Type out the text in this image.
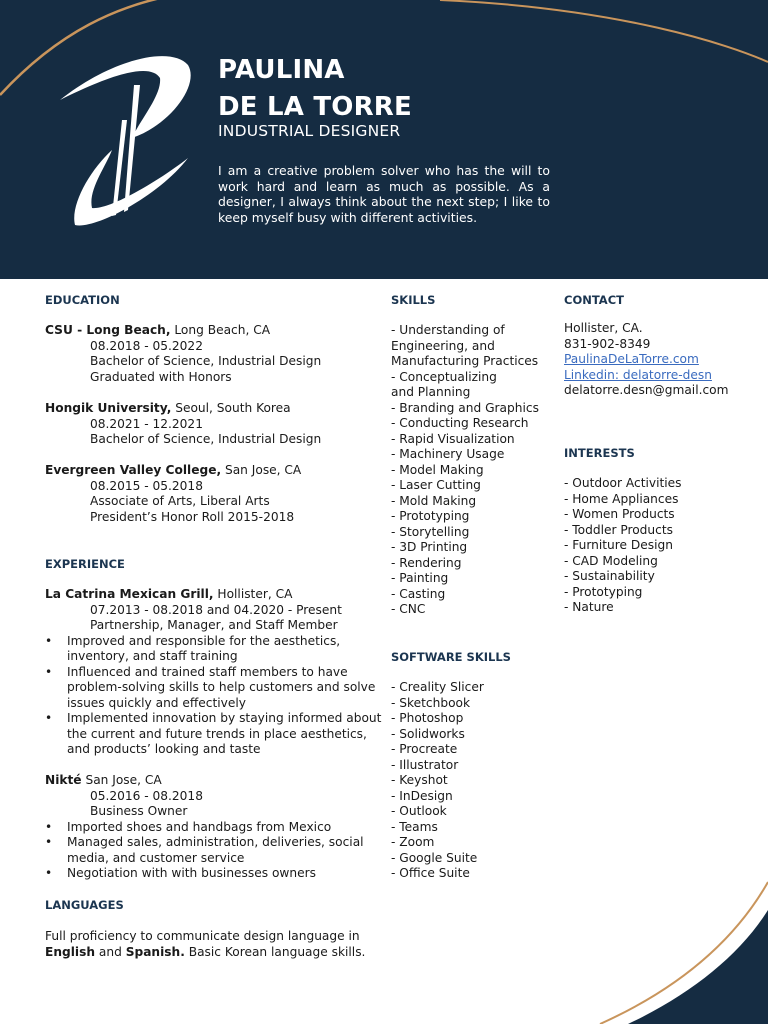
PAULINA
DE LA TORRE
INDUSTRIAL DESIGNER
I am a creative problem solver who has the will to work hard and learn as much as possible. As a designer, I always think about the next step; I like to keep myself busy with different activities.
EDUCATION
CSU - Long Beach, Long Beach, CA
08.2018 - 05.2022
Bachelor of Science, Industrial Design
Graduated with Honors
Hongik University, Seoul, South Korea
08.2021 - 12.2021
Bachelor of Science, Industrial Design
Evergreen Valley College, San Jose, CA
08.2015 - 05.2018
Associate of Arts, Liberal Arts
President’s Honor Roll 2015-2018
EXPERIENCE
La Catrina Mexican Grill, Hollister, CA
07.2013 - 08.2018 and 04.2020 - Present
Partnership, Manager, and Staff Member
• Improved and responsible for the aesthetics, inventory, and staff training
• Influenced and trained staff members to have problem-solving skills to help customers and solve issues quickly and effectively
• Implemented innovation by staying informed about the current and future trends in place aesthetics, and products’ looking and taste
Nikté San Jose, CA
05.2016 - 08.2018
Business Owner
• Imported shoes and handbags from Mexico
• Managed sales, administration, deliveries, social media, and customer service
• Negotiation with with businesses owners
LANGUAGES
Full proficiency to communicate design language in
English and Spanish. Basic Korean language skills.
SKILLS
- Understanding of
Engineering, and
Manufacturing Practices
- Conceptualizing
and Planning
- Branding and Graphics
- Conducting Research
- Rapid Visualization
- Machinery Usage
- Model Making
- Laser Cutting
- Mold Making
- Prototyping
- Storytelling
- 3D Printing
- Rendering
- Painting
- Casting
- CNC
SOFTWARE SKILLS
- Creality Slicer
- Sketchbook
- Photoshop
- Solidworks
- Procreate
- Illustrator
- Keyshot
- InDesign
- Outlook
- Teams
- Zoom
- Google Suite
- Office Suite
CONTACT
Hollister, CA.
831-902-8349
PaulinaDeLaTorre.com
Linkedin: delatorre-desn
delatorre.desn@gmail.com
INTERESTS
- Outdoor Activities
- Home Appliances
- Women Products
- Toddler Products
- Furniture Design
- CAD Modeling
- Sustainability
- Prototyping
- Nature
